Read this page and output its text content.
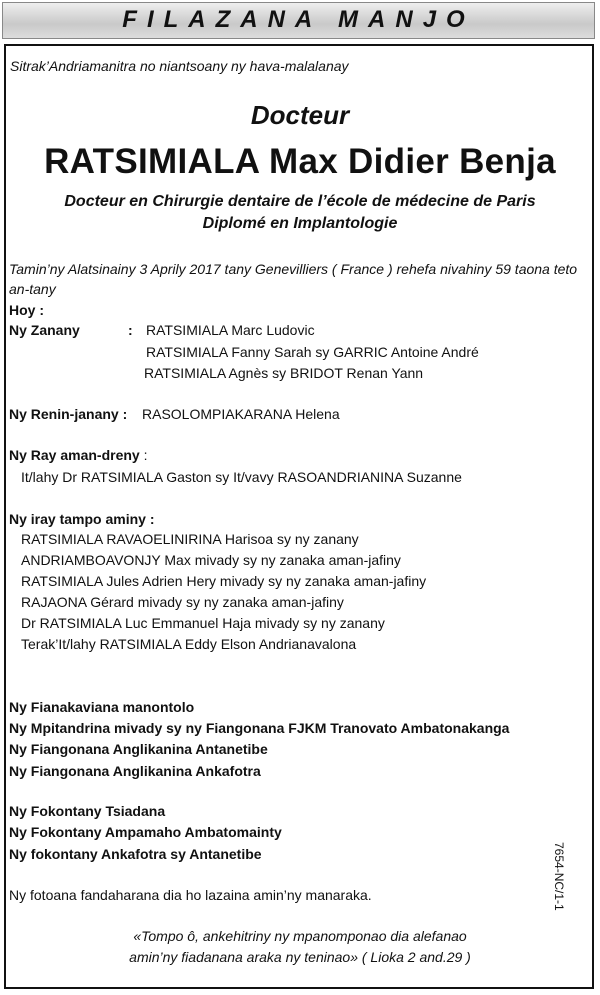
FILAZANA MANJO
Sitrak’Andriamanitra no niantsoany ny hava-malalanay
Docteur
RATSIMIALA Max Didier Benja
Docteur en Chirurgie dentaire de l’école de médecine de Paris
Diplomé en Implantologie
Tamin’ny Alatsinainy 3 Aprily 2017 tany Genevilliers ( France ) rehefa nivahiny 59 taona teto
an-tany
Hoy :
Ny Zanany	: RATSIMIALA Marc Ludovic
RATSIMIALA Fanny Sarah sy GARRIC Antoine André
RATSIMIALA Agnès sy BRIDOT Renan Yann
Ny Renin-janany : RASOLOMPIAKARANA Helena
Ny Ray aman-dreny :
It/lahy Dr RATSIMIALA Gaston sy It/vavy RASOANDRIANINA Suzanne
Ny iray tampo aminy :
RATSIMIALA RAVAOELINIRINA Harisoa sy ny zanany
ANDRIAMBOAVONJY Max mivady sy ny zanaka aman-jafiny
RATSIMIALA Jules Adrien Hery mivady sy ny zanaka aman-jafiny
RAJAONA Gérard mivady sy ny zanaka aman-jafiny
Dr RATSIMIALA Luc Emmanuel Haja mivady sy ny zanany
Terak’It/lahy RATSIMIALA Eddy Elson Andrianavalona
Ny Fianakaviana manontolo
Ny Mpitandrina mivady sy ny Fiangonana FJKM Tranovato Ambatonakanga
Ny Fiangonana Anglikanina Antanetibe
Ny Fiangonana Anglikanina Ankafotra
Ny Fokontany Tsiadana
Ny Fokontany Ampamaho Ambatomainty
Ny fokontany Ankafotra sy Antanetibe
Ny fotoana fandaharana dia ho lazaina amin’ny manaraka.
«Tompo ô, ankehitriny ny mpanomponao dia alefanao
amin’ny fiadanana araka ny teninao» ( Lioka 2 and.29 )
7654-NC/1-1
